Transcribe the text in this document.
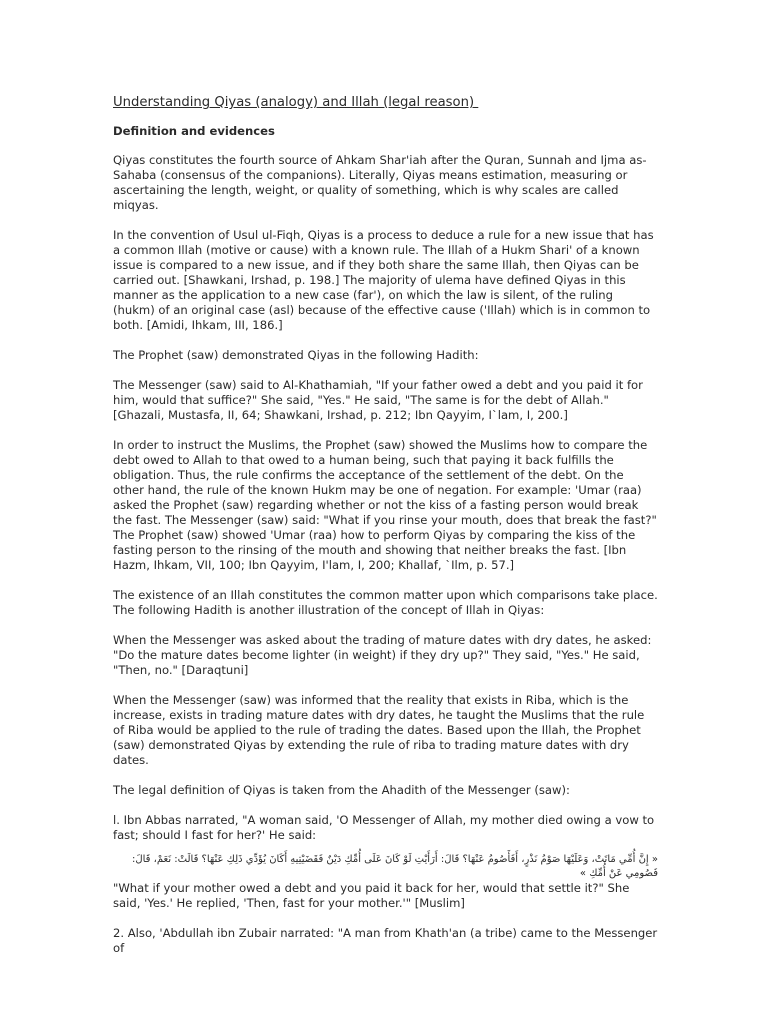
Understanding Qiyas (analogy) and Illah (legal reason)
Definition and evidences

Qiyas constitutes the fourth source of Ahkam Shar'iah after the Quran, Sunnah and Ijma as-Sahaba (consensus of the companions). Literally, Qiyas means estimation, measuring or ascertaining the length, weight, or quality of something, which is why scales are called miqyas.

In the convention of Usul ul-Fiqh, Qiyas is a process to deduce a rule for a new issue that has a common Illah (motive or cause) with a known rule. The Illah of a Hukm Shari' of a known issue is compared to a new issue, and if they both share the same Illah, then Qiyas can be carried out. [Shawkani, Irshad, p. 198.] The majority of ulema have defined Qiyas in this manner as the application to a new case (far'), on which the law is silent, of the ruling (hukm) of an original case (asl) because of the effective cause ('Illah) which is in common to both. [Amidi, Ihkam, III, 186.]

The Prophet (saw) demonstrated Qiyas in the following Hadith:

The Messenger (saw) said to Al-Khathamiah, "If your father owed a debt and you paid it for him, would that suffice?" She said, "Yes." He said, "The same is for the debt of Allah." [Ghazali, Mustasfa, II, 64; Shawkani, Irshad, p. 212; Ibn Qayyim, I`lam, I, 200.]

In order to instruct the Muslims, the Prophet (saw) showed the Muslims how to compare the debt owed to Allah to that owed to a human being, such that paying it back fulfills the obligation. Thus, the rule confirms the acceptance of the settlement of the debt. On the other hand, the rule of the known Hukm may be one of negation. For example: 'Umar (raa) asked the Prophet (saw) regarding whether or not the kiss of a fasting person would break the fast. The Messenger (saw) said: "What if you rinse your mouth, does that break the fast?" The Prophet (saw) showed 'Umar (raa) how to perform Qiyas by comparing the kiss of the fasting person to the rinsing of the mouth and showing that neither breaks the fast. [Ibn Hazm, Ihkam, VII, 100; Ibn Qayyim, I'lam, I, 200; Khallaf, `Ilm, p. 57.]

The existence of an Illah constitutes the common matter upon which comparisons take place. The following Hadith is another illustration of the concept of Illah in Qiyas:

When the Messenger was asked about the trading of mature dates with dry dates, he asked: "Do the mature dates become lighter (in weight) if they dry up?" They said, "Yes." He said, "Then, no." [Daraqtuni]

When the Messenger (saw) was informed that the reality that exists in Riba, which is the increase, exists in trading mature dates with dry dates, he taught the Muslims that the rule of Riba would be applied to the rule of trading the dates. Based upon the Illah, the Prophet (saw) demonstrated Qiyas by extending the rule of riba to trading mature dates with dry dates.

The legal definition of Qiyas is taken from the Ahadith of the Messenger (saw):

l. Ibn Abbas narrated, "A woman said, 'O Messenger of Allah, my mother died owing a vow to fast; should I fast for her?' He said:

« إِنَّ أُمِّي مَاتَتْ، وَعَلَيْهَا صَوْمُ نَذْرٍ، أَفَأَصُومُ عَنْهَا؟ قَالَ: أَرَأَيْتِ لَوْ كَانَ عَلَى أُمِّكِ دَيْنٌ فَقَضَيْتِيهِ أَكَانَ يُؤَدِّي ذَلِكِ عَنْهَا؟ قَالَتْ: نَعَمْ، قَالَ: فَصُومِي عَنْ أُمِّكِ »

"What if your mother owed a debt and you paid it back for her, would that settle it?" She said, 'Yes.' He replied, 'Then, fast for your mother.'" [Muslim]

2. Also, 'Abdullah ibn Zubair narrated: "A man from Khath'an (a tribe) came to the Messenger of
